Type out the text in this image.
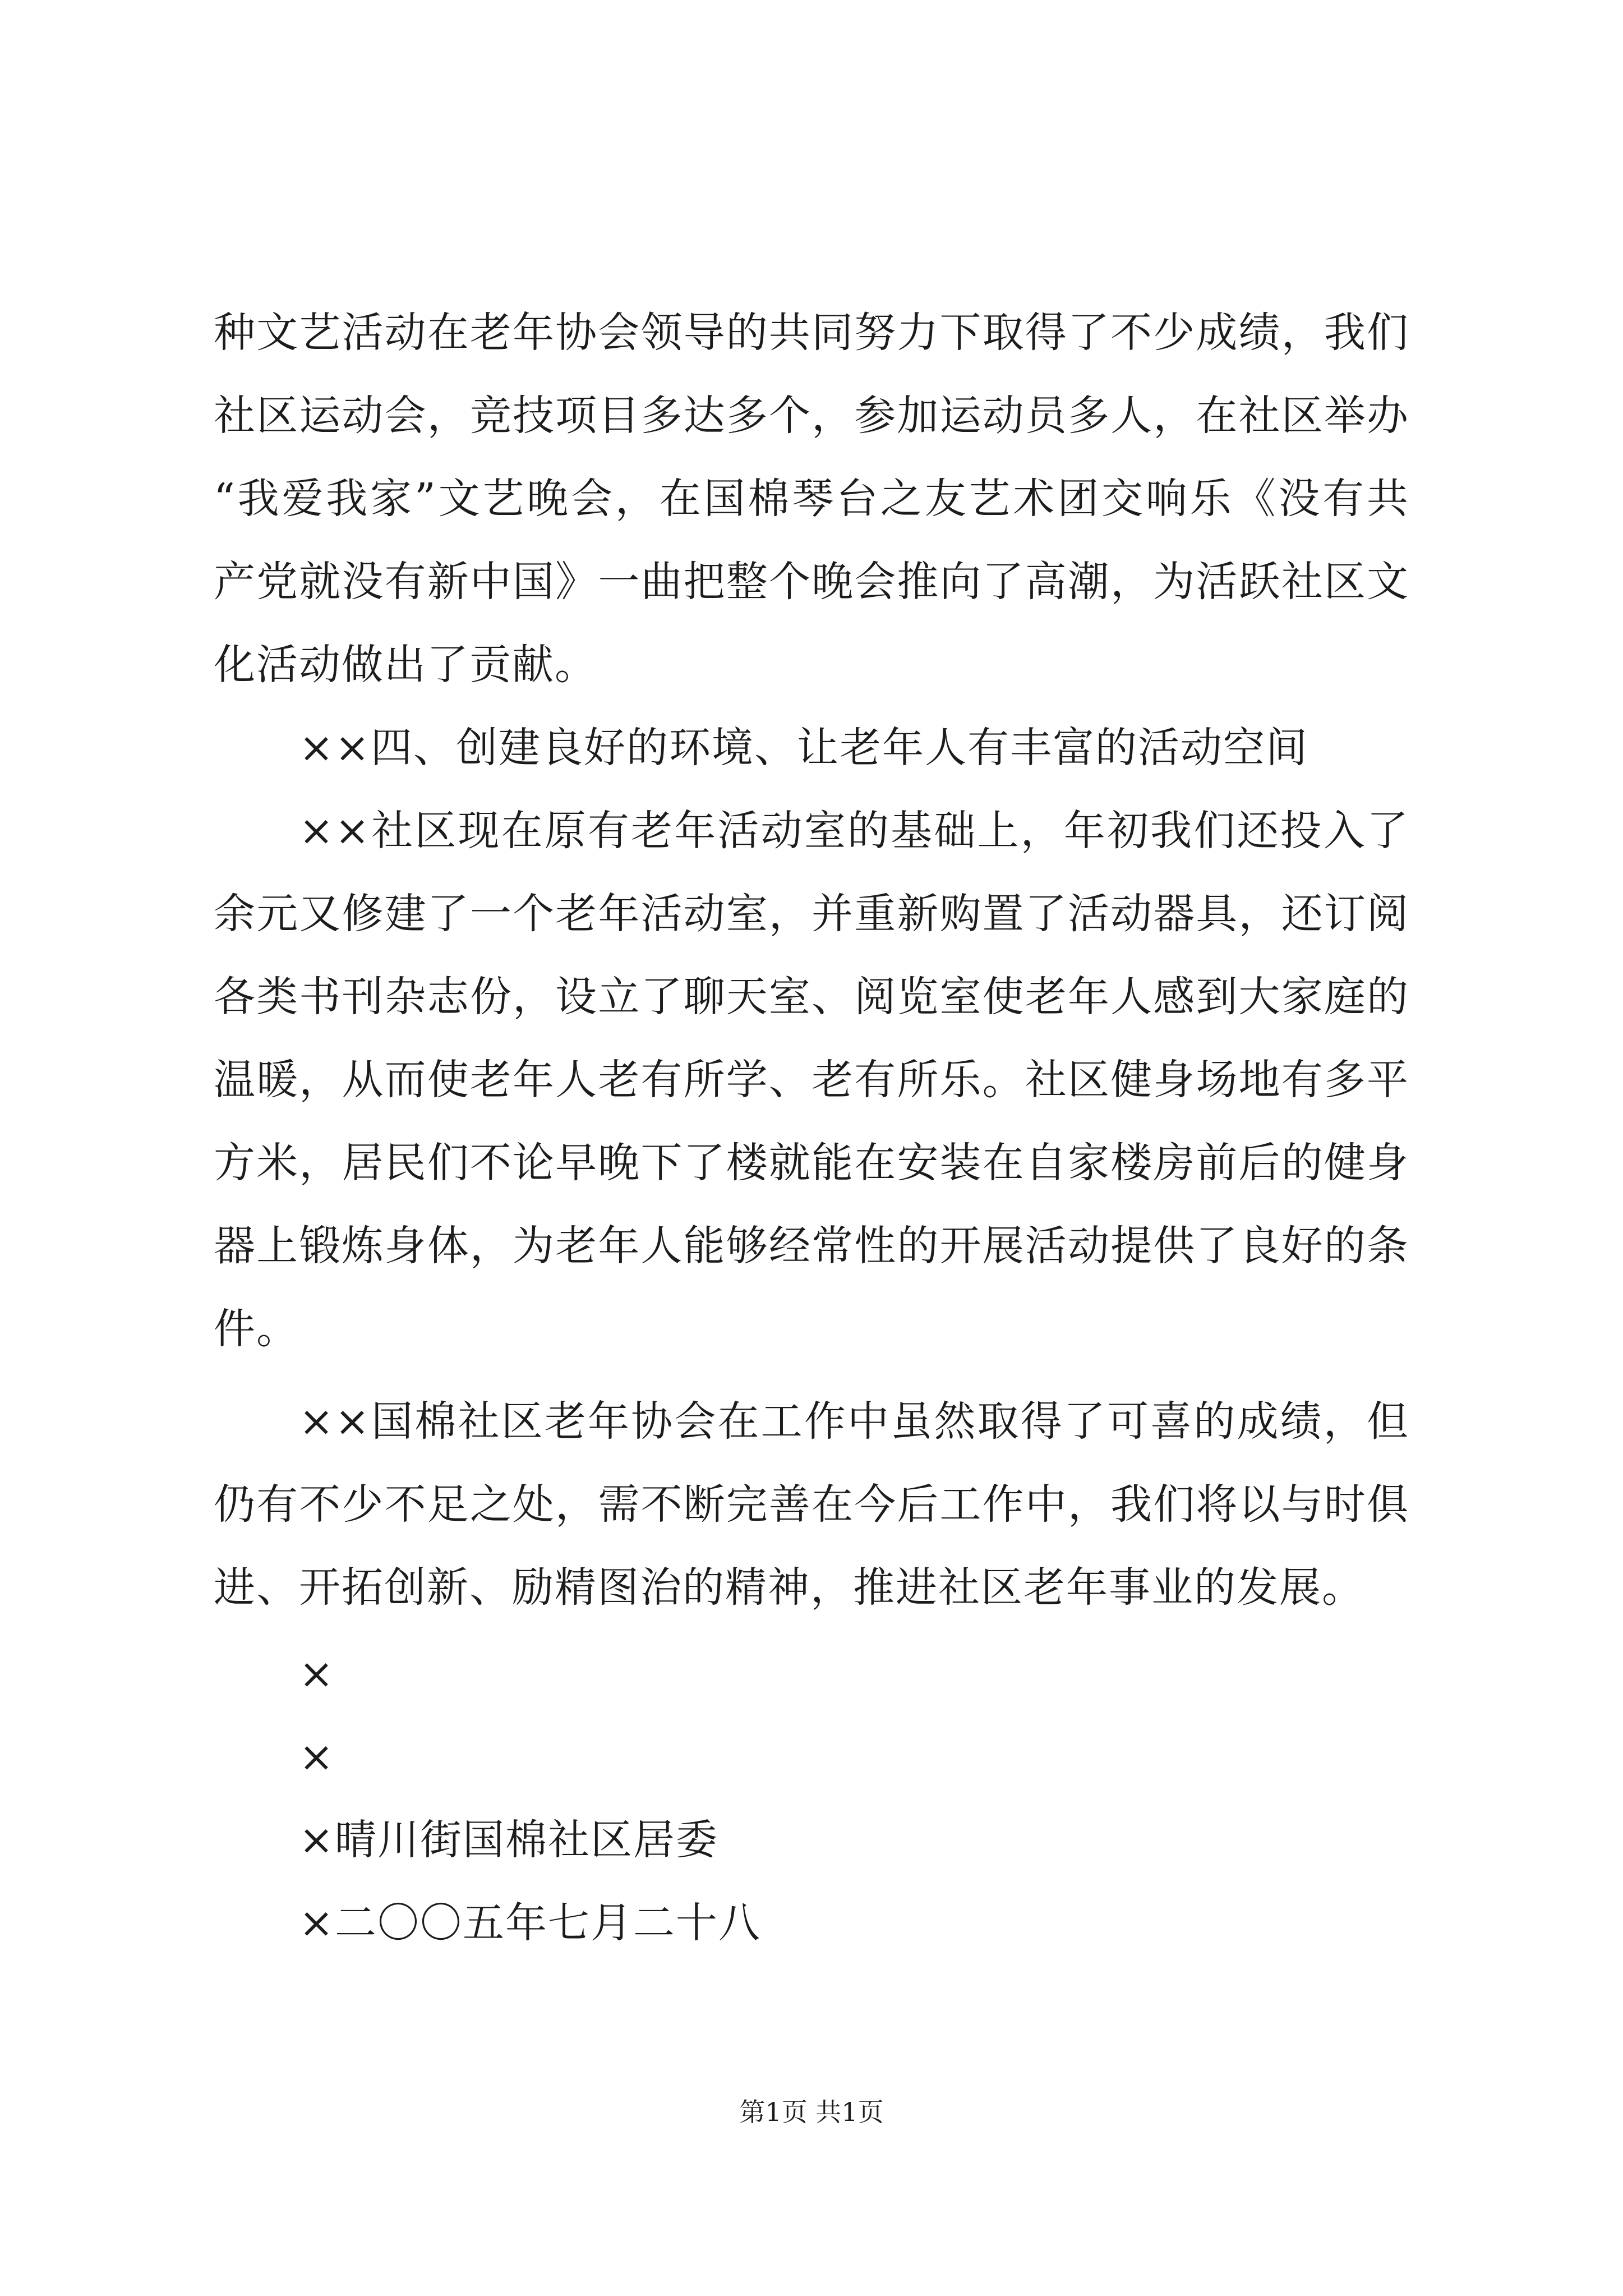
种文艺活动在老年协会领导的共同努力下取得了不少成绩，我们
社区运动会，竞技项目多达多个，参加运动员多人，在社区举办
“我爱我家”文艺晚会，在国棉琴台之友艺术团交响乐《没有共
产党就没有新中国》一曲把整个晚会推向了高潮，为活跃社区文
化活动做出了贡献。
××四、创建良好的环境、让老年人有丰富的活动空间
××社区现在原有老年活动室的基础上，年初我们还投入了
余元又修建了一个老年活动室，并重新购置了活动器具，还订阅
各类书刊杂志份，设立了聊天室、阅览室使老年人感到大家庭的
温暖，从而使老年人老有所学、老有所乐。社区健身场地有多平
方米，居民们不论早晚下了楼就能在安装在自家楼房前后的健身
器上锻炼身体，为老年人能够经常性的开展活动提供了良好的条
件。
××国棉社区老年协会在工作中虽然取得了可喜的成绩，但
仍有不少不足之处，需不断完善在今后工作中，我们将以与时俱
进、开拓创新、励精图治的精神，推进社区老年事业的发展。
×
×
×晴川街国棉社区居委
×二〇〇五年七月二十八
第1页 共1页
